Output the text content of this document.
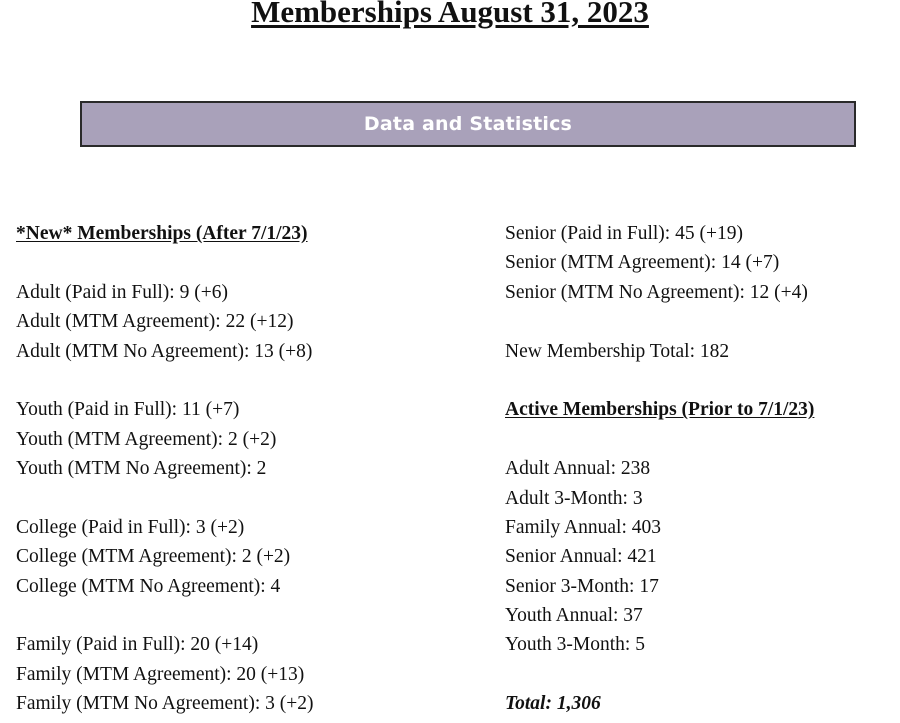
Memberships August 31, 2023
Data and Statistics
*New* Memberships (After 7/1/23)
Adult (Paid in Full): 9 (+6)
Adult (MTM Agreement): 22 (+12)
Adult (MTM No Agreement): 13 (+8)
Youth (Paid in Full): 11 (+7)
Youth (MTM Agreement): 2 (+2)
Youth (MTM No Agreement): 2
College (Paid in Full): 3 (+2)
College (MTM Agreement): 2 (+2)
College (MTM No Agreement): 4
Family (Paid in Full): 20 (+14)
Family (MTM Agreement): 20 (+13)
Family (MTM No Agreement): 3 (+2)
Senior (Paid in Full): 45 (+19)
Senior (MTM Agreement): 14 (+7)
Senior (MTM No Agreement): 12 (+4)
New Membership Total: 182
Active Memberships (Prior to 7/1/23)
Adult Annual: 238
Adult 3-Month: 3
Family Annual: 403
Senior Annual: 421
Senior 3-Month: 17
Youth Annual: 37
Youth 3-Month: 5
Total: 1,306
